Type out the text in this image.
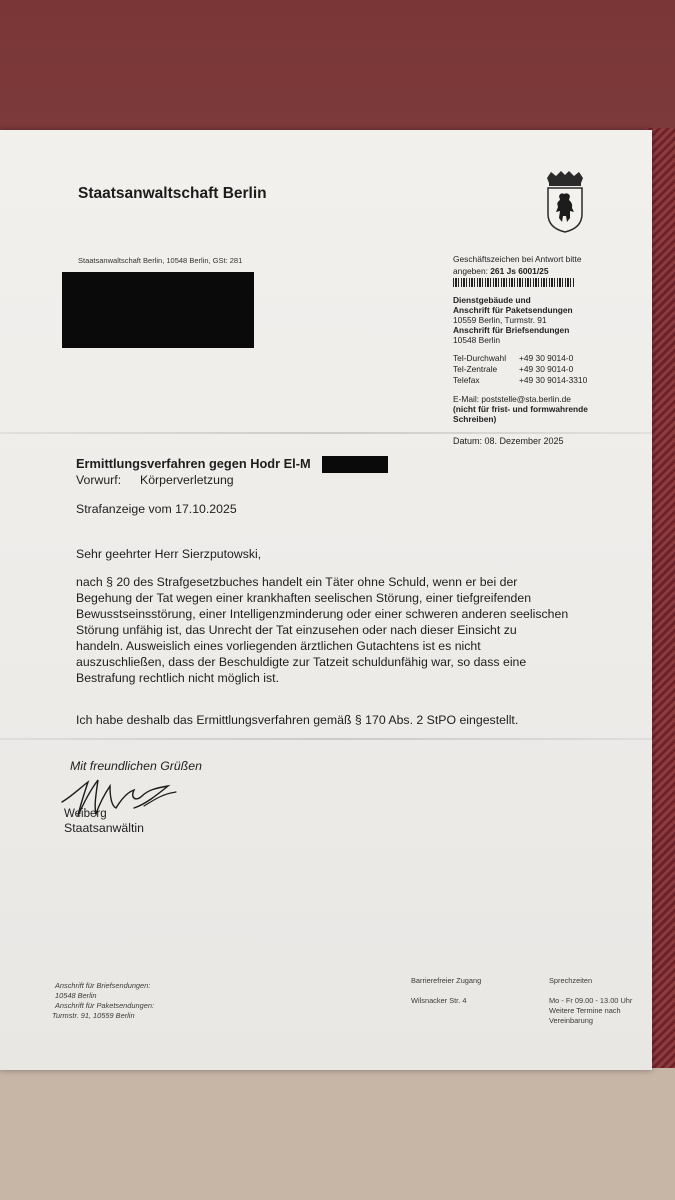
Staatsanwaltschaft Berlin
Staatsanwaltschaft Berlin, 10548 Berlin, GSt: 281	Geschäftszeichen bei Antwort bitte
angeben: 261 Js 6001/25
Dienstgebäude und
Anschrift für Paketsendungen
10559 Berlin, Turmstr. 91
Anschrift für Briefsendungen
10548 Berlin
Tel-Durchwahl +49 30 9014-0
Tel-Zentrale	+49 30 9014-0
Telefax	+49 30 9014-3310
E-Mail: poststelle@sta.berlin.de
(nicht für frist- und formwahrende
Schreiben)
Datum: 08. Dezember 2025
Ermittlungsverfahren gegen Hodr El-M
Vorwurf: Körperverletzung
Strafanzeige vom 17.10.2025
Sehr geehrter Herr Sierzputowski,
nach § 20 des Strafgesetzbuches handelt ein Täter ohne Schuld, wenn er bei der
Begehung der Tat wegen einer krankhaften seelischen Störung, einer tiefgreifenden
Bewusstseinsstörung, einer Intelligenzminderung oder einer schweren anderen seelischen
Störung unfähig ist, das Unrecht der Tat einzusehen oder nach dieser Einsicht zu
handeln. Ausweislich eines vorliegenden ärztlichen Gutachtens ist es nicht
auszuschließen, dass der Beschuldigte zur Tatzeit schuldunfähig war, so dass eine
Bestrafung rechtlich nicht möglich ist.
Ich habe deshalb das Ermittlungsverfahren gemäß § 170 Abs. 2 StPO eingestellt.
Mit freundlichen Grüßen
Weiberg
Staatsanwältin
Anschrift für Briefsendungen:
10548 Berlin
Anschrift für Paketsendungen:
Turmstr. 91, 10559 Berlin
Barrierefreier Zugang
Wilsnacker Str. 4
Sprechzeiten
Mo - Fr 09.00 - 13.00 Uhr
Weitere Termine nach
Vereinbarung
